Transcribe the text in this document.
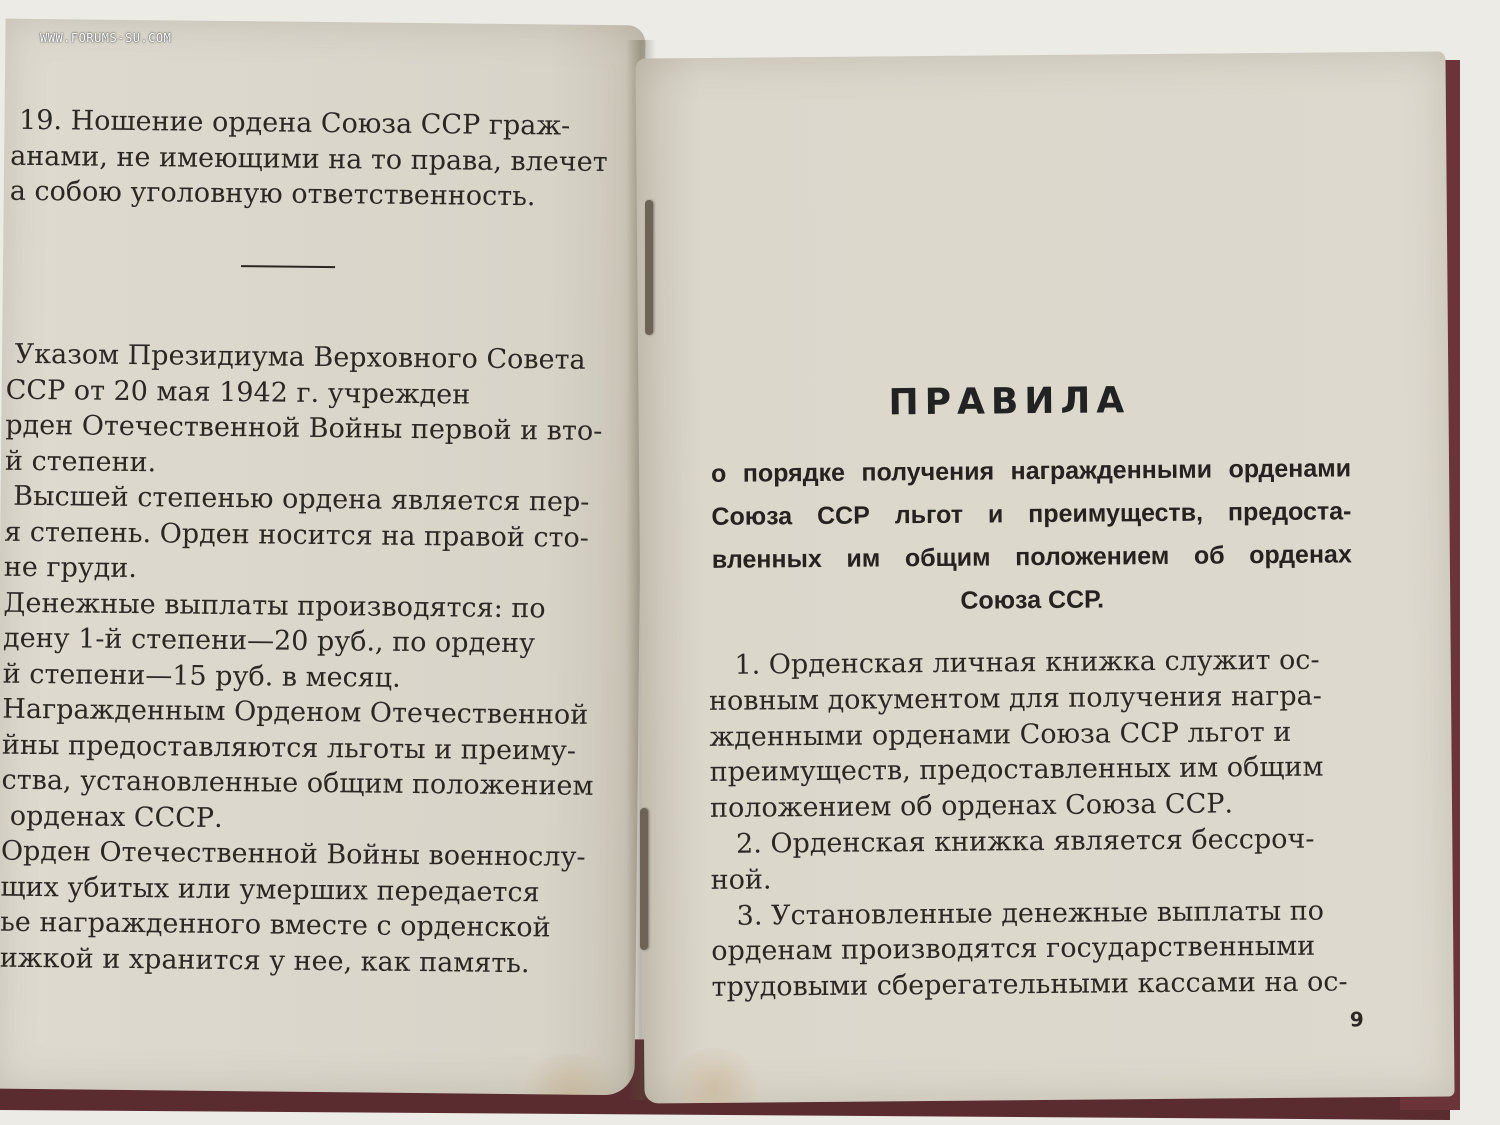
19. Ношение ордена Союза ССР граж-
анами, не имеющими на то права, влечет
а собою уголовную ответственность.

Указом Президиума Верховного Совета
ССР от 20 мая 1942 г. учрежден
рден Отечественной Войны первой и вто-
й степени.
Высшей степенью ордена является пер-
я степень. Орден носится на правой сто-
не груди.
Денежные выплаты производятся: по
дену 1-й степени—20 руб., по ордену
й степени—15 руб. в месяц.
Награжденным Орденом Отечественной
йны предоставляются льготы и преиму-
ства, установленные общим положением
орденах СССР.
Орден Отечественной Войны военнослу-
щих убитых или умерших передается
ье награжденного вместе с орденской
ижкой и хранится у нее, как память.

ПРАВИЛА
о порядке получения награжденными орденами
Союза ССР льгот и преимуществ, предоста-
вленных им общим положением об орденах
Союза ССР.

1. Орденская личная книжка служит ос-
новным документом для получения награ-
жденными орденами Союза ССР льгот и
преимуществ, предоставленных им общим
положением об орденах Союза ССР.
2. Орденская книжка является бессроч-
ной.
3. Установленные денежные выплаты по
орденам производятся государственными
трудовыми сберегательными кассами на ос-

9
WWW.FORUMS-SU.COM
